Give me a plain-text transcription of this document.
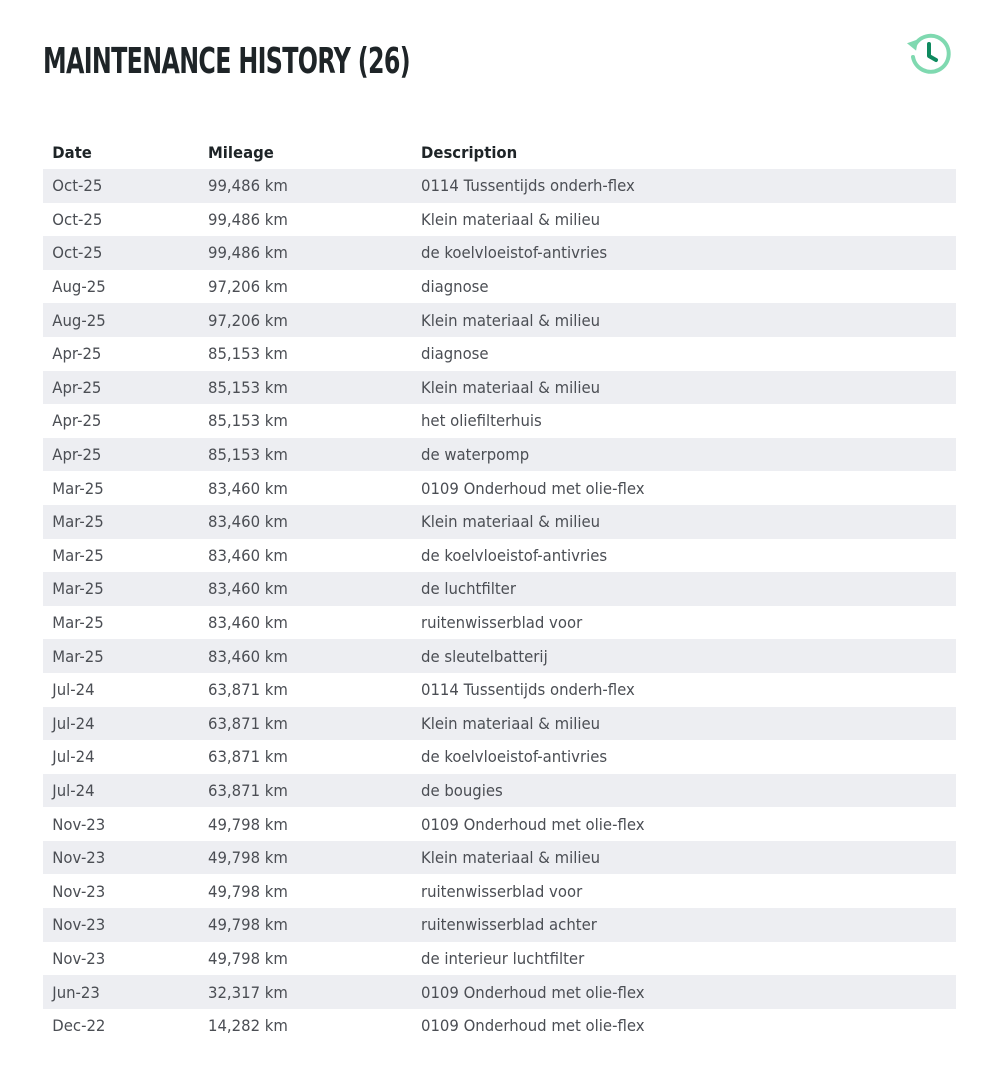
MAINTENANCE HISTORY (26)
Date	Mileage	Description
Oct-25	99,486 km	0114 Tussentijds onderh-flex
Oct-25	99,486 km	Klein materiaal & milieu
Oct-25	99,486 km	de koelvloeistof-antivries
Aug-25	97,206 km	diagnose
Aug-25	97,206 km	Klein materiaal & milieu
Apr-25	85,153 km	diagnose
Apr-25	85,153 km	Klein materiaal & milieu
Apr-25	85,153 km	het oliefilterhuis
Apr-25	85,153 km	de waterpomp
Mar-25	83,460 km	0109 Onderhoud met olie-flex
Mar-25	83,460 km	Klein materiaal & milieu
Mar-25	83,460 km	de koelvloeistof-antivries
Mar-25	83,460 km	de luchtfilter
Mar-25	83,460 km	ruitenwisserblad voor
Mar-25	83,460 km	de sleutelbatterij
Jul-24	63,871 km	0114 Tussentijds onderh-flex
Jul-24	63,871 km	Klein materiaal & milieu
Jul-24	63,871 km	de koelvloeistof-antivries
Jul-24	63,871 km	de bougies
Nov-23	49,798 km	0109 Onderhoud met olie-flex
Nov-23	49,798 km	Klein materiaal & milieu
Nov-23	49,798 km	ruitenwisserblad voor
Nov-23	49,798 km	ruitenwisserblad achter
Nov-23	49,798 km	de interieur luchtfilter
Jun-23	32,317 km	0109 Onderhoud met olie-flex
Dec-22	14,282 km	0109 Onderhoud met olie-flex
